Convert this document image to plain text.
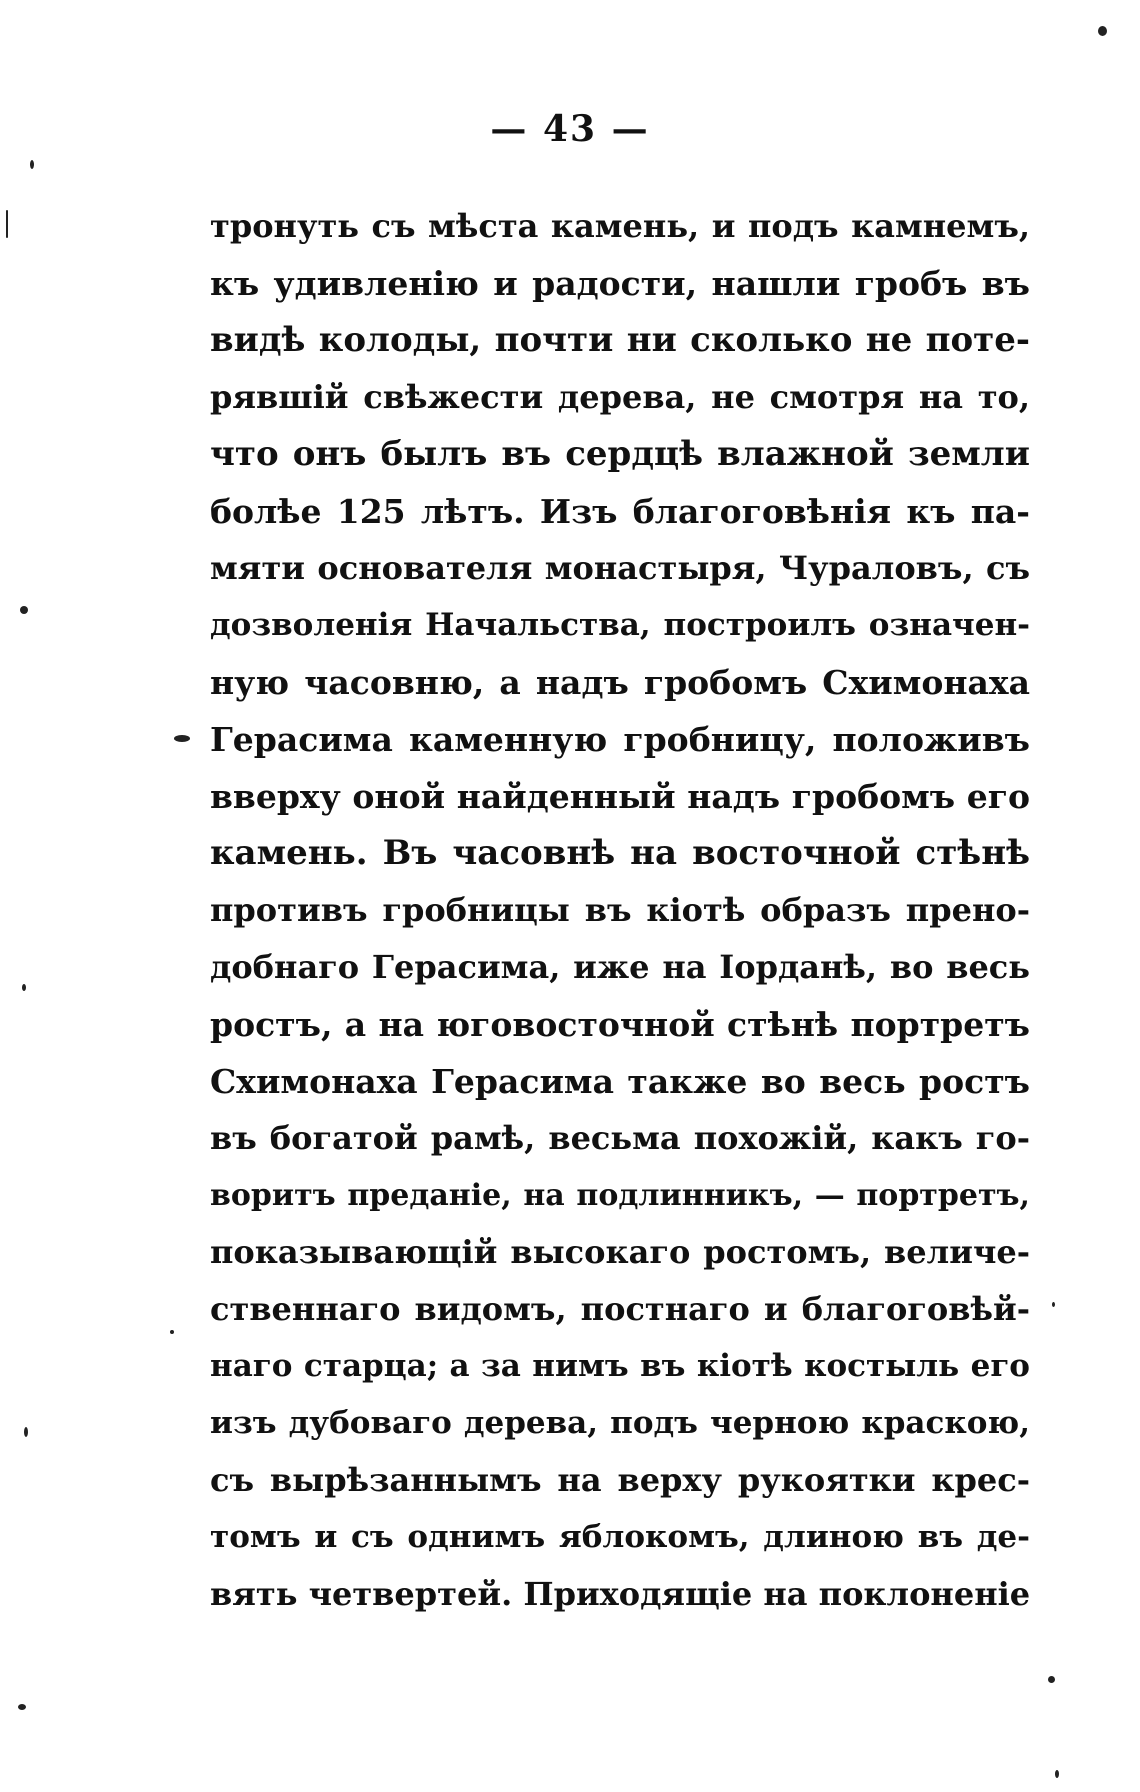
— 43 —
тронуть съ мѣста камень, и подъ камнемъ,
къ удивленію и радости, нашли гробъ въ
видѣ колоды, почти ни сколько не поте-
рявшій свѣжести дерева, не смотря на то,
что онъ былъ въ сердцѣ влажной земли
болѣе 125 лѣтъ. Изъ благоговѣнія къ па-
мяти основателя монастыря, Чуpаловъ, съ
дозволенія Начальства, построилъ означен-
ную часовню, а надъ гробомъ Схимонаха
Герасима каменную гробницу, положивъ
вверху оной найденный надъ гробомъ его
камень. Въ часовнѣ на восточной стѣнѣ
противъ гробницы въ кіотѣ образъ прено-
добнаго Герасима, иже на Іорданѣ, во весь
ростъ, а на юговосточной стѣнѣ портретъ
Схимонаха Герасима также во весь ростъ
въ богатой рамѣ, весьма похожій, какъ го-
воритъ преданіе, на подлинникъ, — портретъ,
показывающій высокаго ростомъ, величе-
ственнаго видомъ, постнаго и благоговѣй-
наго старца; а за нимъ въ кіотѣ костыль его
изъ дубоваго дерева, подъ черною краскою,
съ вырѣзаннымъ на верху рукоятки крес-
томъ и съ однимъ яблокомъ, длиною въ де-
вять четвертей. Приходящіе на поклоненіе
